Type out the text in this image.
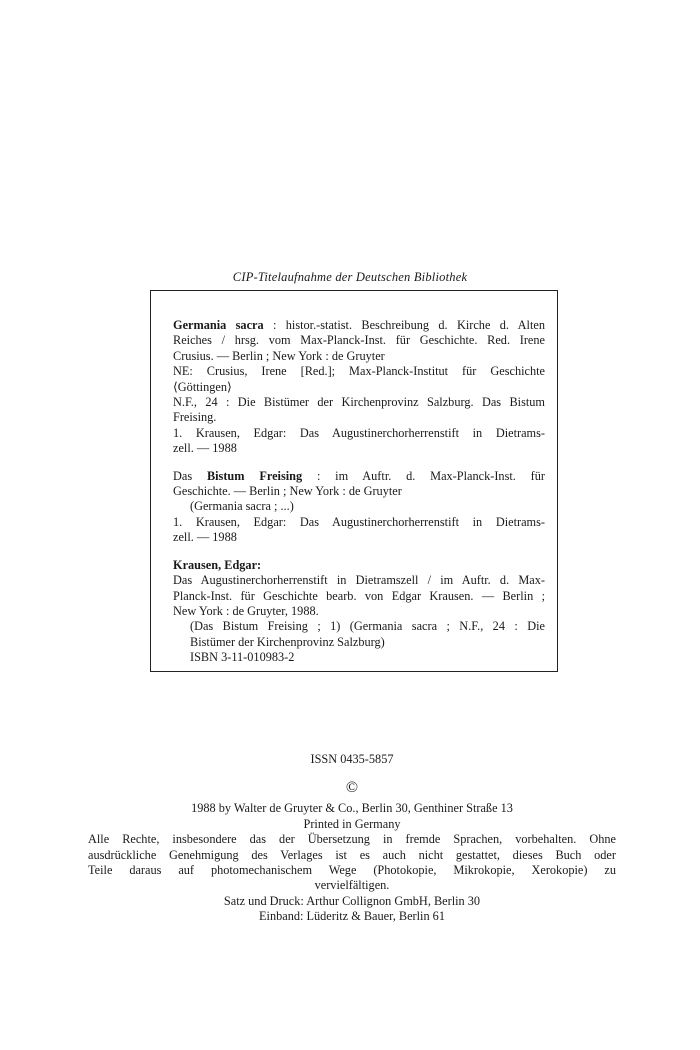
CIP-Titelaufnahme der Deutschen Bibliothek

Germania sacra : histor.-statist. Beschreibung d. Kirche d. Alten

Reiches / hrsg. vom Max-Planck-Inst. für Geschichte. Red. Irene

Crusius. — Berlin ; New York : de Gruyter

NE: Crusius, Irene [Red.]; Max-Planck-Institut für Geschichte

⟨Göttingen⟩

N.F., 24 : Die Bistümer der Kirchenprovinz Salzburg. Das Bistum

Freising.

1. Krausen, Edgar: Das Augustinerchorherrenstift in Dietrams-

zell. — 1988

Das Bistum Freising : im Auftr. d. Max-Planck-Inst. für

Geschichte. — Berlin ; New York : de Gruyter

(Germania sacra ; ...)

1. Krausen, Edgar: Das Augustinerchorherrenstift in Dietrams-

zell. — 1988

Krausen, Edgar:

Das Augustinerchorherrenstift in Dietramszell / im Auftr. d. Max-

Planck-Inst. für Geschichte bearb. von Edgar Krausen. — Berlin ;

New York : de Gruyter, 1988.

(Das Bistum Freising ; 1) (Germania sacra ; N.F., 24 : Die

Bistümer der Kirchenprovinz Salzburg)

ISBN 3-11-010983-2

ISSN 0435-5857

©

1988 by Walter de Gruyter & Co., Berlin 30, Genthiner Straße 13

Printed in Germany

Alle Rechte, insbesondere das der Übersetzung in fremde Sprachen, vorbehalten. Ohne

ausdrückliche Genehmigung des Verlages ist es auch nicht gestattet, dieses Buch oder

Teile daraus auf photomechanischem Wege (Photokopie, Mikrokopie, Xerokopie) zu

vervielfältigen.

Satz und Druck: Arthur Collignon GmbH, Berlin 30

Einband: Lüderitz & Bauer, Berlin 61
